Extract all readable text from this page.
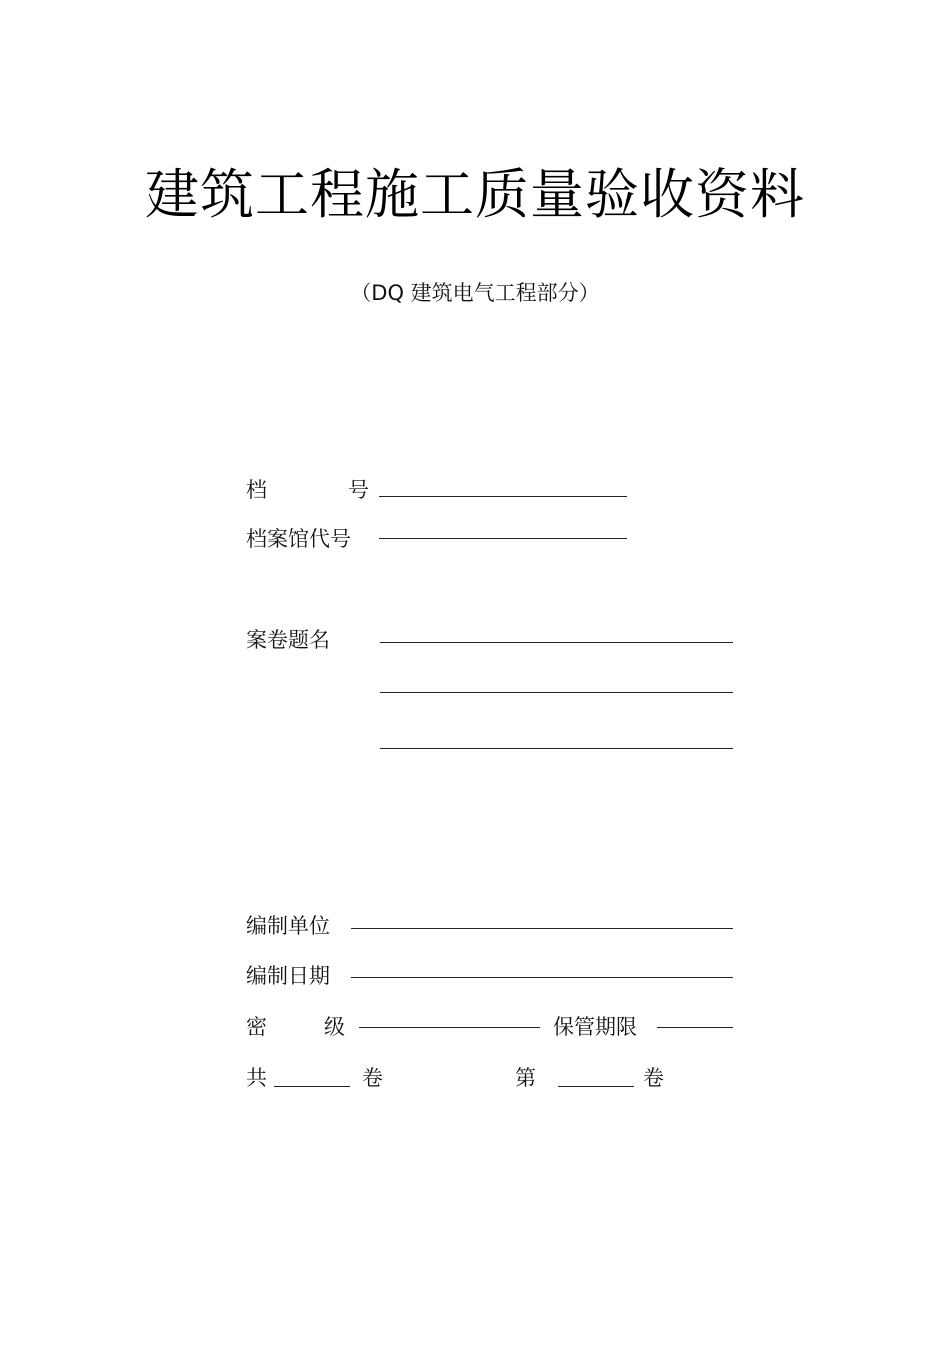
建筑工程施工质量验收资料
（DQ 建筑电气工程部分）
档	号
档案馆代号
案卷题名
编制单位
编制日期
密	级	保管期限
共	卷	第	卷
